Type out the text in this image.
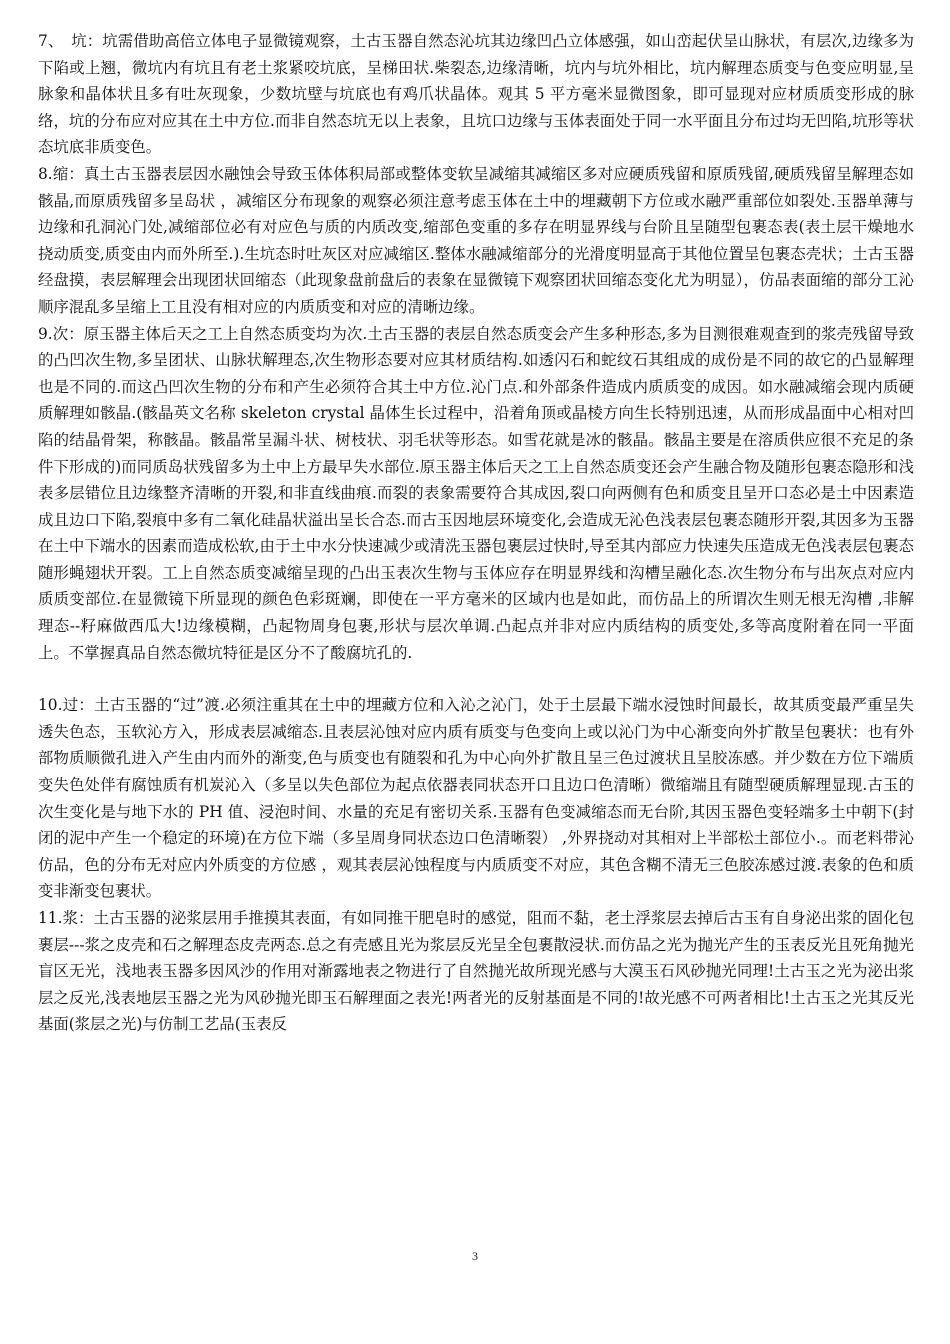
7、　坑：坑需借助高倍立体电子显微镜观察，土古玉器自然态沁坑其边缘凹凸立体感强，如山峦起伏呈山脉状，有层次,边缘多为下陷或上翘，微坑内有坑且有老土浆紧咬坑底，呈梯田状.柴裂态,边缘清晰，坑内与坑外相比，坑内解理态质变与色变应明显,呈脉象和晶体状且多有吐灰现象，少数坑壁与坑底也有鸡爪状晶体。观其 5 平方毫米显微图象，即可显现对应材质质变形成的脉络，坑的分布应对应其在土中方位.而非自然态坑无以上表象，且坑口边缘与玉体表面处于同一水平面且分布过均无凹陷,坑形等状态坑底非质变色。

8.缩：真土古玉器表层因水融蚀会导致玉体体积局部或整体变软呈减缩其减缩区多对应硬质残留和原质残留,硬质残留呈解理态如骸晶,而原质残留多呈岛状 ，减缩区分布现象的观察必须注意考虑玉体在土中的埋藏朝下方位或水融严重部位如裂处.玉器单薄与边缘和孔洞沁门处,减缩部位必有对应色与质的内质改变,缩部色变重的多存在明显界线与台阶且呈随型包裹态表(表土层干燥地水挠动质变,质变由内而外所至.).生坑态时吐灰区对应减缩区.整体水融减缩部分的光滑度明显高于其他位置呈包裹态壳状；土古玉器经盘摸，表层解理会出现团状回缩态（此现象盘前盘后的表象在显微镜下观察团状回缩态变化尤为明显），仿品表面缩的部分工沁顺序混乱多呈缩上工且没有相对应的内质质变和对应的清晰边缘。

9.次：原玉器主体后天之工上自然态质变均为次.土古玉器的表层自然态质变会产生多种形态,多为目测很难观查到的浆壳残留导致的凸凹次生物,多呈团状、山脉状解理态,次生物形态要对应其材质结构.如透闪石和蛇纹石其组成的成份是不同的故它的凸显解理也是不同的.而这凸凹次生物的分布和产生必须符合其土中方位.沁门点.和外部条件造成内质质变的成因。如水融减缩会现内质硬质解理如骸晶.(骸晶英文名称 skeleton crystal 晶体生长过程中，沿着角顶或晶棱方向生长特别迅速，从而形成晶面中心相对凹陷的结晶骨架，称骸晶。骸晶常呈漏斗状、树枝状、羽毛状等形态。如雪花就是冰的骸晶。骸晶主要是在溶质供应很不充足的条件下形成的)而同质岛状残留多为土中上方最早失水部位.原玉器主体后天之工上自然态质变还会产生融合物及随形包裹态隐形和浅表多层错位且边缘整齐清晰的开裂,和非直线曲痕.而裂的表象需要符合其成因,裂口向两侧有色和质变且呈开口态必是土中因素造成且边口下陷,裂痕中多有二氧化硅晶状溢出呈长合态.而古玉因地层环境变化,会造成无沁色浅表层包裹态随形开裂,其因多为玉器在土中下端水的因素而造成松软,由于土中水分快速减少或清洗玉器包裹层过快时,导至其内部应力快速失压造成无色浅表层包裹态随形蝇翅状开裂。工上自然态质变减缩呈现的凸出玉表次生物与玉体应存在明显界线和沟槽呈融化态.次生物分布与出灰点对应内质质变部位.在显微镜下所显现的颜色色彩斑斓，即使在一平方毫米的区域内也是如此，而仿品上的所谓次生则无根无沟槽 ,非解理态--籽麻做西瓜大!边缘模糊，凸起物周身包裹,形状与层次单调.凸起点并非对应内质结构的质变处,多等高度附着在同一平面上。不掌握真品自然态微坑特征是区分不了酸腐坑孔的.

10.过：土古玉器的“过”渡.必须注重其在土中的埋藏方位和入沁之沁门，处于土层最下端水浸蚀时间最长，故其质变最严重呈失透失色态，玉软沁方入，形成表层减缩态.且表层沁蚀对应内质有质变与色变向上或以沁门为中心渐变向外扩散呈包裹状：也有外部物质顺微孔进入产生由内而外的渐变,色与质变也有随裂和孔为中心向外扩散且呈三色过渡状且呈胶冻感。并少数在方位下端质变失色处伴有腐蚀质有机炭沁入（多呈以失色部位为起点依器表同状态开口且边口色清晰）微缩端且有随型硬质解理显现.古玉的次生变化是与地下水的 PH 值、浸泡时间、水量的充足有密切关系.玉器有色变减缩态而无台阶,其因玉器色变轻端多土中朝下(封闭的泥中产生一个稳定的环境)在方位下端（多呈周身同状态边口色清晰裂） ,外界挠动对其相对上半部松土部位小.。而老料带沁仿品，色的分布无对应内外质变的方位感 ，观其表层沁蚀程度与内质质变不对应，其色含糊不清无三色胶冻感过渡.表象的色和质变非渐变包裹状。

11.浆：土古玉器的泌浆层用手推摸其表面，有如同推干肥皂时的感觉，阻而不黏，老土浮浆层去掉后古玉有自身泌出浆的固化包裹层---浆之皮壳和石之解理态皮壳两态.总之有壳感且光为浆层反光呈全包裹散浸状.而仿品之光为抛光产生的玉表反光且死角抛光盲区无光，浅地表玉器多因风沙的作用对渐露地表之物进行了自然抛光故所现光感与大漠玉石风砂抛光同理!土古玉之光为泌出浆层之反光,浅表地层玉器之光为风砂抛光即玉石解理面之表光!两者光的反射基面是不同的!故光感不可两者相比!土古玉之光其反光基面(浆层之光)与仿制工艺品(玉表反

3
